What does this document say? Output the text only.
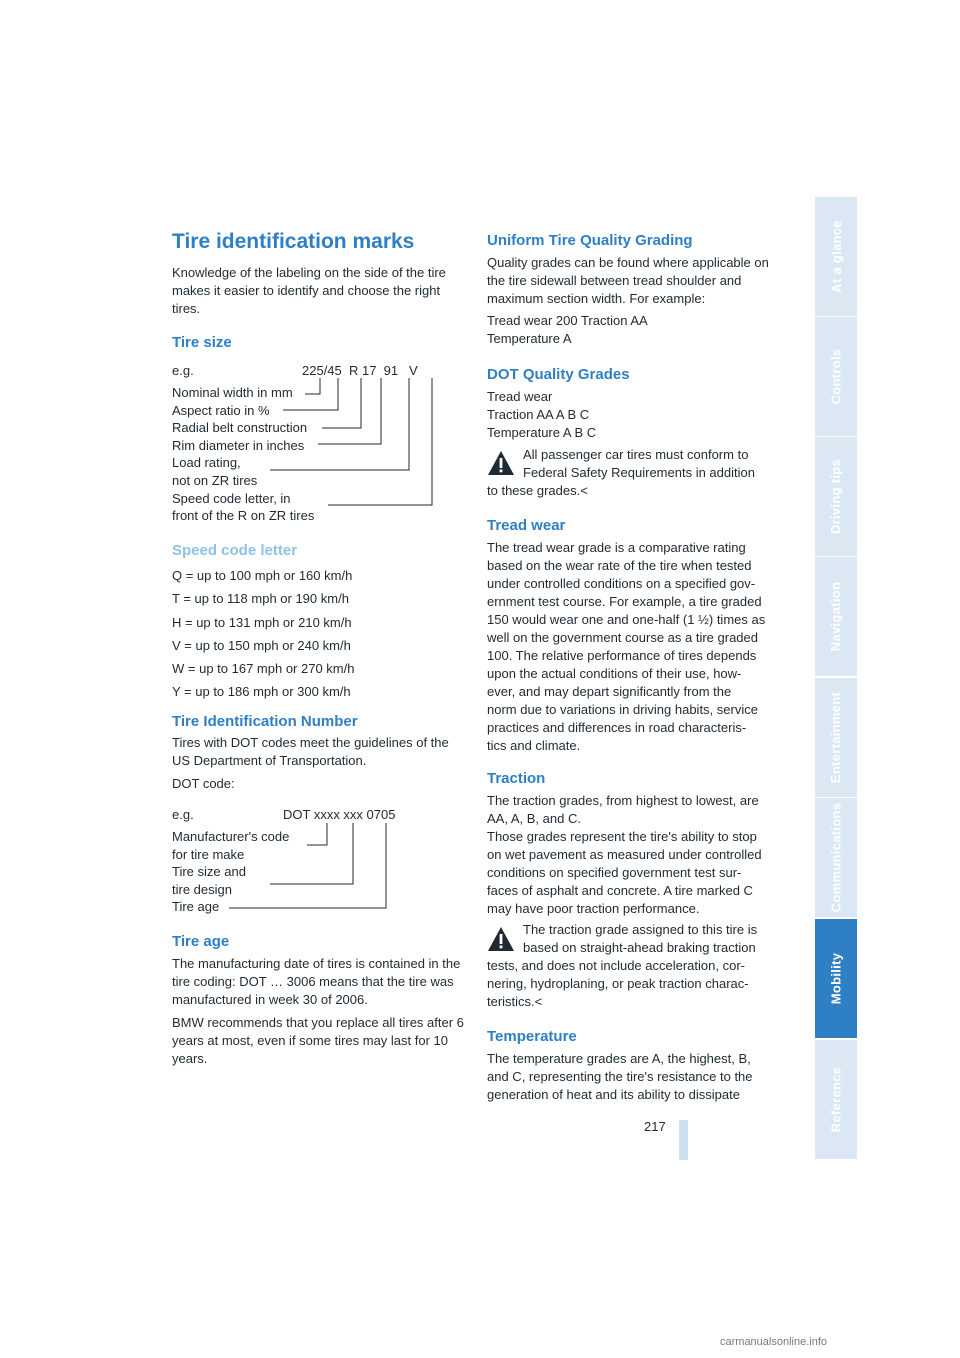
Tire identification marks

Knowledge of the labeling on the side of the tire makes it easier to identify and choose the right tires.

Tire size
e.g.	225/45  R 17  91   V
Nominal width in mm
Aspect ratio in %
Radial belt construction
Rim diameter in inches
Load rating,
not on ZR tires
Speed code letter, in
front of the R on ZR tires
Speed code letter
Q = up to 100 mph or 160 km/h
T = up to 118 mph or 190 km/h
H = up to 131 mph or 210 km/h
V = up to 150 mph or 240 km/h
W = up to 167 mph or 270 km/h
Y = up to 186 mph or 300 km/h
Tire Identification Number

Tires with DOT codes meet the guidelines of the US Department of Transportation.

DOT code:
e.g.	DOT xxxx xxx 0705
Manufacturer's code
for tire make
Tire size and
tire design
Tire age
Tire age

The manufacturing date of tires is contained in the tire coding: DOT … 3006 means that the tire was manufactured in week 30 of 2006.

BMW recommends that you replace all tires after 6 years at most, even if some tires may last for 10 years.

Uniform Tire Quality Grading

Quality grades can be found where applicable on the tire sidewall between tread shoulder and maximum section width. For example:

Tread wear 200 Traction AA
Temperature A
DOT Quality Grades
Tread wear
Traction AA A B C
Temperature A B C
All passenger car tires must conform to
Federal Safety Requirements in addition
to these grades.<
Tread wear
The tread wear grade is a comparative rating
based on the wear rate of the tire when tested
under controlled conditions on a specified gov-
ernment test course. For example, a tire graded
150 would wear one and one-half (1 ½) times as
well on the government course as a tire graded
100. The relative performance of tires depends
upon the actual conditions of their use, how-
ever, and may depart significantly from the
norm due to variations in driving habits, service
practices and differences in road characteris-
tics and climate.
Traction
The traction grades, from highest to lowest, are
AA, A, B, and C.
Those grades represent the tire's ability to stop
on wet pavement as measured under controlled
conditions on specified government test sur-
faces of asphalt and concrete. A tire marked C
may have poor traction performance.
The traction grade assigned to this tire is
based on straight-ahead braking traction
tests, and does not include acceleration, cor-
nering, hydroplaning, or peak traction charac-
teristics.<
Temperature
The temperature grades are A, the highest, B,
and C, representing the tire's resistance to the
generation of heat and its ability to dissipate
217
At a glance
Controls
Driving tips
Navigation
Entertainment
Communications
Mobility
Reference
carmanualsonline.info
